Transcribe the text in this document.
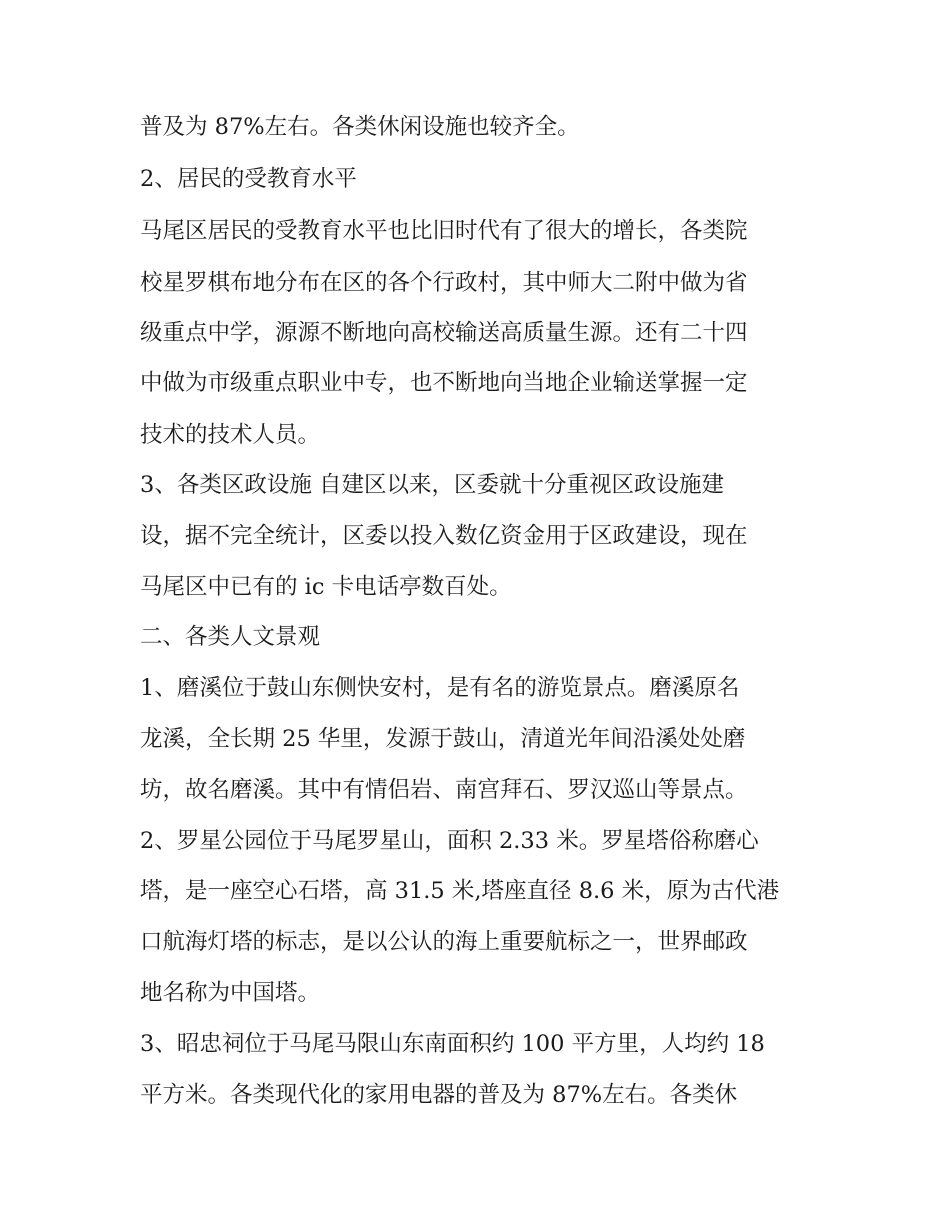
普及为 87%左右。各类休闲设施也较齐全。
2、居民的受教育水平
马尾区居民的受教育水平也比旧时代有了很大的增长，各类院
校星罗棋布地分布在区的各个行政村，其中师大二附中做为省
级重点中学，源源不断地向高校输送高质量生源。还有二十四
中做为市级重点职业中专，也不断地向当地企业输送掌握一定
技术的技术人员。
3、各类区政设施 自建区以来，区委就十分重视区政设施建
设，据不完全统计，区委以投入数亿资金用于区政建设，现在
马尾区中已有的 ic 卡电话亭数百处。
二、各类人文景观
1、磨溪位于鼓山东侧快安村，是有名的游览景点。磨溪原名
龙溪，全长期 25 华里，发源于鼓山，清道光年间沿溪处处磨
坊，故名磨溪。其中有情侣岩、南宫拜石、罗汉巡山等景点。
2、罗星公园位于马尾罗星山，面积 2.33 米。罗星塔俗称磨心
塔，是一座空心石塔，高 31.5 米,塔座直径 8.6 米，原为古代港
口航海灯塔的标志，是以公认的海上重要航标之一，世界邮政
地名称为中国塔。
3、昭忠祠位于马尾马限山东南面积约 100 平方里，人均约 18
平方米。各类现代化的家用电器的普及为 87%左右。各类休
